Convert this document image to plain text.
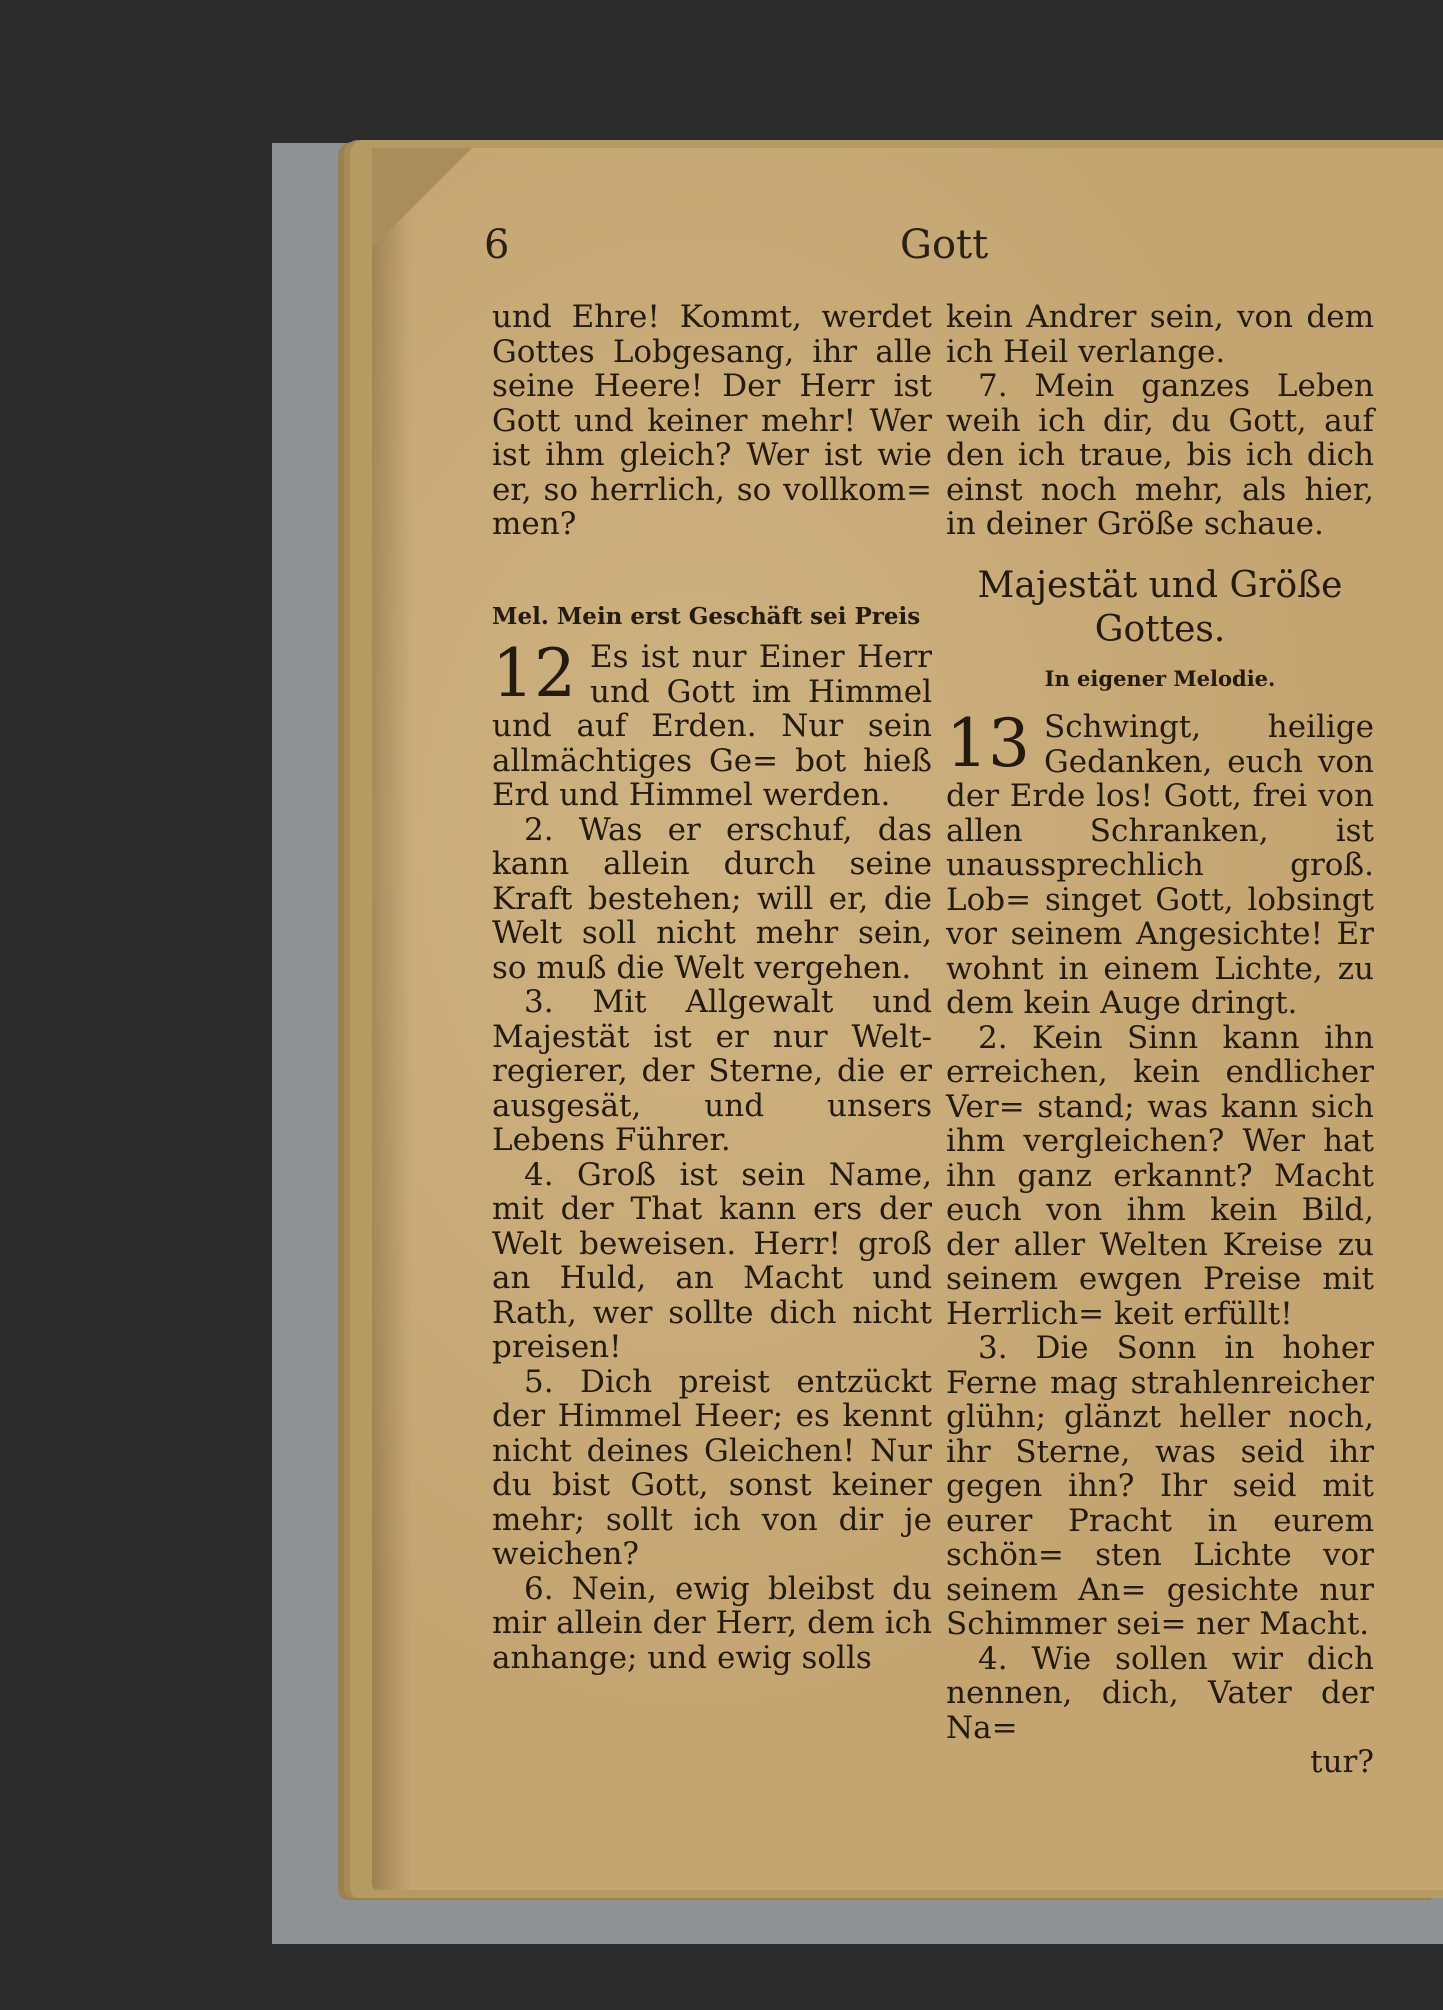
6	Gott

und Ehre! Kommt, werdet Gottes Lobgesang, ihr alle seine Heere! Der Herr ist Gott und keiner mehr! Wer ist ihm gleich? Wer ist wie er, so herrlich, so vollkom= men?

Mel. Mein erst Geschäft sei Preis

12 Es ist nur Einer Herr und Gott im Himmel und auf Erden. Nur sein allmächtiges Ge= bot hieß Erd und Himmel werden.

2. Was er erschuf, das kann allein durch seine Kraft bestehen; will er, die Welt soll nicht mehr sein, so muß die Welt vergehen.

3. Mit Allgewalt und Majestät ist er nur Welt- regierer, der Sterne, die er ausgesät, und unsers Lebens Führer.

4. Groß ist sein Name, mit der That kann ers der Welt beweisen. Herr! groß an Huld, an Macht und Rath, wer sollte dich nicht preisen!

5. Dich preist entzückt der Himmel Heer; es kennt nicht deines Gleichen! Nur du bist Gott, sonst keiner mehr; sollt ich von dir je weichen?

6. Nein, ewig bleibst du mir allein der Herr, dem ich anhange; und ewig solls

kein Andrer sein, von dem ich Heil verlange.

7. Mein ganzes Leben weih ich dir, du Gott, auf den ich traue, bis ich dich einst noch mehr, als hier, in deiner Größe schaue.

Majestät und Größe Gottes.

In eigener Melodie.

13 Schwingt, heilige Gedanken, euch von der Erde los! Gott, frei von allen Schranken, ist unaussprechlich groß. Lob= singet Gott, lobsingt vor seinem Angesichte! Er wohnt in einem Lichte, zu dem kein Auge dringt.

2. Kein Sinn kann ihn erreichen, kein endlicher Ver= stand; was kann sich ihm vergleichen? Wer hat ihn ganz erkannt? Macht euch von ihm kein Bild, der aller Welten Kreise zu seinem ewgen Preise mit Herrlich= keit erfüllt!

3. Die Sonn in hoher Ferne mag strahlenreicher glühn; glänzt heller noch, ihr Sterne, was seid ihr gegen ihn? Ihr seid mit eurer Pracht in eurem schön= sten Lichte vor seinem An= gesichte nur Schimmer sei= ner Macht.

4. Wie sollen wir dich nennen, dich, Vater der Na=

tur?
